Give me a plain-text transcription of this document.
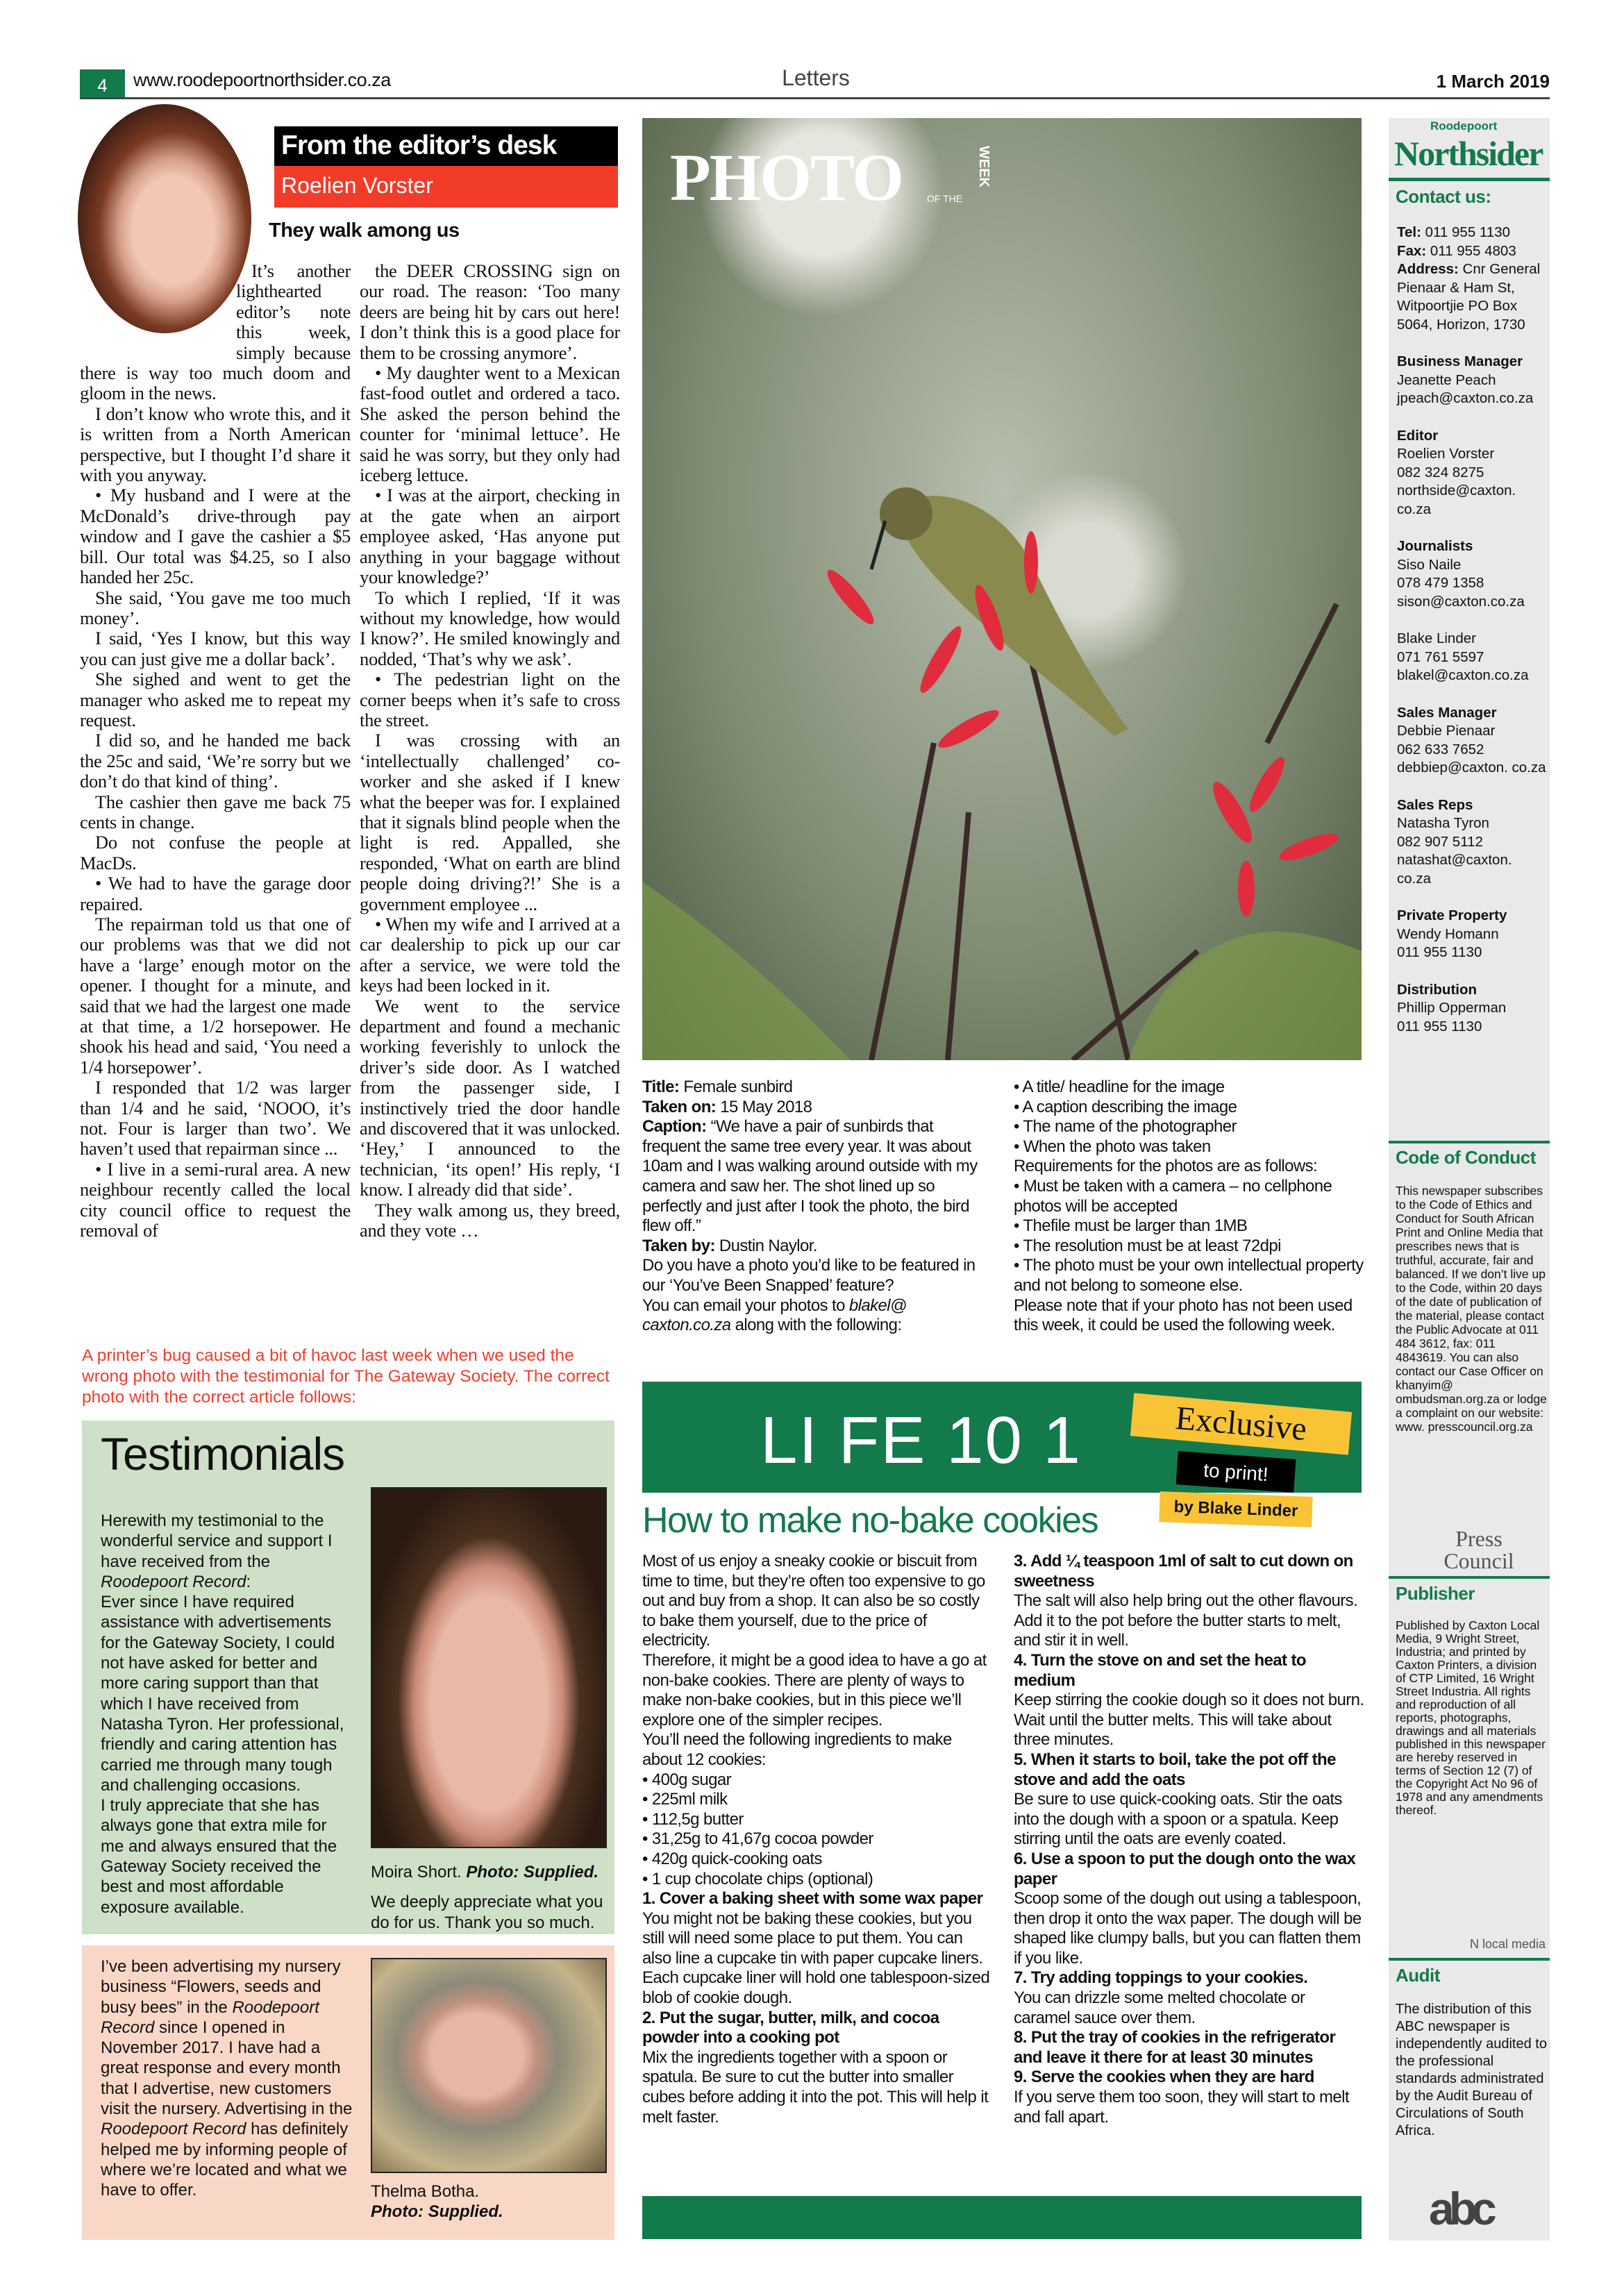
4	www.roodepoortnorthsider.co.za	Letters	1 March 2019
From the editor’s desk
Roelien Vorster
They walk among us

It’s another lighthearted editor’s note this week, simply because there is way too much doom and gloom in the news.

I don’t know who wrote this, and it is written from a North American perspective, but I thought I’d share it with you anyway.

• My husband and I were at the McDonald’s drive-through pay window and I gave the cashier a $5 bill. Our total was $4.25, so I also handed her 25c.

She said, ‘You gave me too much money’.

I said, ‘Yes I know, but this way you can just give me a dollar back’.

She sighed and went to get the manager who asked me to repeat my request.

I did so, and he handed me back the 25c and said, ‘We’re sorry but we don’t do that kind of thing’.

The cashier then gave me back 75 cents in change.

Do not confuse the people at MacDs.

• We had to have the garage door repaired.

The repairman told us that one of our problems was that we did not have a ‘large’ enough motor on the opener. I thought for a minute, and said that we had the largest one made at that time, a 1/2 horsepower. He shook his head and said, ‘You need a 1/4 horsepower’.

I responded that 1/2 was larger than 1/4 and he said, ‘NOOO, it’s not. Four is larger than two’. We haven’t used that repairman since ...

• I live in a semi-rural area. A new neighbour recently called the local city council office to request the removal of

the DEER CROSSING sign on our road. The reason: ‘Too many deers are being hit by cars out here! I don’t think this is a good place for them to be crossing anymore’.

• My daughter went to a Mexican fast-food outlet and ordered a taco. She asked the person behind the counter for ‘minimal lettuce’. He said he was sorry, but they only had iceberg lettuce.

• I was at the airport, checking in at the gate when an airport employee asked, ‘Has anyone put anything in your baggage without your knowledge?’

To which I replied, ‘If it was without my knowledge, how would I know?’. He smiled knowingly and nodded, ‘That’s why we ask’.

• The pedestrian light on the corner beeps when it’s safe to cross the street.

I was crossing with an ‘intellectually challenged’ co-worker and she asked if I knew what the beeper was for. I explained that it signals blind people when the light is red. Appalled, she responded, ‘What on earth are blind people doing driving?!’ She is a government employee ...

• When my wife and I arrived at a car dealership to pick up our car after a service, we were told the keys had been locked in it.

We went to the service department and found a mechanic working feverishly to unlock the driver’s side door. As I watched from the passenger side, I instinctively tried the door handle and discovered that it was unlocked. ‘Hey,’ I announced to the technician, ‘its open!’ His reply, ‘I know. I already did that side’.

They walk among us, they breed, and they vote …

A printer’s bug caused a bit of havoc last week when we used the wrong photo with the testimonial for The Gateway Society. The correct photo with the correct article follows:
Testimonials
Herewith my testimonial to the wonderful service and support I have received from the
Roodepoort Record:
Ever since I have required assistance with advertisements for the Gateway Society, I could not have asked for better and more caring support than that which I have received from Natasha Tyron. Her professional, friendly and caring attention has carried me through many tough and challenging occasions.
I truly appreciate that she has always gone that extra mile for me and always ensured that the Gateway Society received the best and most affordable exposure available.
Moira Short. Photo: Supplied.

We deeply appreciate what you do for us. Thank you so much.

I’ve been advertising my nursery business “Flowers, seeds and busy bees” in the Roodepoort Record since I opened in November 2017. I have had a great response and every month that I advertise, new customers visit the nursery. Advertising in the Roodepoort Record has definitely helped me by informing people of where we’re located and what we have to offer.	Thelma Botha.
Photo: Supplied.
PHOTO	OF THE
WEEK
Title: Female sunbird
Taken on: 15 May 2018
Caption: “We have a pair of sunbirds that frequent the same tree every year. It was about 10am and I was walking around outside with my camera and saw her. The shot lined up so perfectly and just after I took the photo, the bird flew off.”
Taken by: Dustin Naylor.

Do you have a photo you’d like to be featured in our ‘You’ve Been Snapped’ feature?

You can email your photos to blakel@ caxton.co.za along with the following:

• A title/ headline for the image

• A caption describing the image

• The name of the photographer

• When the photo was taken

Requirements for the photos are as follows:

• Must be taken with a camera – no cellphone photos will be accepted

• Thefile must be larger than 1MB

• The resolution must be at least 72dpi

• The photo must be your own intellectual property and not belong to someone else.

Please note that if your photo has not been used this week, it could be used the following week.

LI FE 10 1	Exclusive
to print!
by Blake Linder
How to make no-bake cookies

Most of us enjoy a sneaky cookie or biscuit from time to time, but they’re often too expensive to go out and buy from a shop. It can also be so costly to bake them yourself, due to the price of electricity.

Therefore, it might be a good idea to have a go at non-bake cookies. There are plenty of ways to make non-bake cookies, but in this piece we’ll explore one of the simpler recipes.

You’ll need the following ingredients to make about 12 cookies:

• 400g sugar

• 225ml milk

• 112,5g butter

• 31,25g to 41,67g cocoa powder

• 420g quick-cooking oats

• 1 cup chocolate chips (optional)

1. Cover a baking sheet with some wax paper

You might not be baking these cookies, but you still will need some place to put them. You can also line a cupcake tin with paper cupcake liners. Each cupcake liner will hold one tablespoon-sized blob of cookie dough.

2. Put the sugar, butter, milk, and cocoa powder into a cooking pot

Mix the ingredients together with a spoon or spatula. Be sure to cut the butter into smaller cubes before adding it into the pot. This will help it melt faster.

3. Add ¼ teaspoon 1ml of salt to cut down on sweetness

The salt will also help bring out the other flavours. Add it to the pot before the butter starts to melt, and stir it in well.

4. Turn the stove on and set the heat to medium

Keep stirring the cookie dough so it does not burn. Wait until the butter melts. This will take about three minutes.

5. When it starts to boil, take the pot off the stove and add the oats

Be sure to use quick-cooking oats. Stir the oats into the dough with a spoon or a spatula. Keep stirring until the oats are evenly coated.

6. Use a spoon to put the dough onto the wax paper

Scoop some of the dough out using a tablespoon, then drop it onto the wax paper. The dough will be shaped like clumpy balls, but you can flatten them if you like.

7. Try adding toppings to your cookies.

You can drizzle some melted chocolate or caramel sauce over them.

8. Put the tray of cookies in the refrigerator and leave it there for at least 30 minutes

9. Serve the cookies when they are hard

If you serve them too soon, they will start to melt and fall apart.

Roodepoort
Northsider
Contact us:

Tel: 011 955 1130
Fax: 011 955 4803
Address: Cnr General Pienaar & Ham St, Witpoortjie PO Box 5064, Horizon, 1730

Business Manager
Jeanette Peach
jpeach@caxton.co.za

Editor
Roelien Vorster
082 324 8275
northside@caxton. co.za

Journalists
Siso Naile
078 479 1358
sison@caxton.co.za

Blake Linder
071 761 5597
blakel@caxton.co.za

Sales Manager
Debbie Pienaar
062 633 7652
debbiep@caxton. co.za

Sales Reps
Natasha Tyron
082 907 5112
natashat@caxton. co.za

Private Property
Wendy Homann
011 955 1130

Distribution
Phillip Opperman
011 955 1130

Code of Conduct
This newspaper subscribes to the Code of Ethics and Conduct for South African Print and Online Media that prescribes news that is truthful, accurate, fair and balanced. If we don’t live up to the Code, within 20 days of the date of publication of the material, please contact the Public Advocate at 011 484 3612, fax: 011 4843619. You can also contact our Case Officer on khanyim@ ombudsman.org.za or lodge a complaint on our website: www. presscouncil.org.za
Press Council
Publisher
Published by Caxton Local Media, 9 Wright Street, Industria; and printed by Caxton Printers, a division of CTP Limited, 16 Wright Street Industria. All rights and reproduction of all reports, photographs, drawings and all materials published in this newspaper are hereby reserved in terms of Section 12 (7) of the Copyright Act No 96 of 1978 and any amendments thereof.
N local media
Audit
The distribution of this ABC newspaper is independently audited to the professional standards administrated by the Audit Bureau of Circulations of South Africa.
abc
